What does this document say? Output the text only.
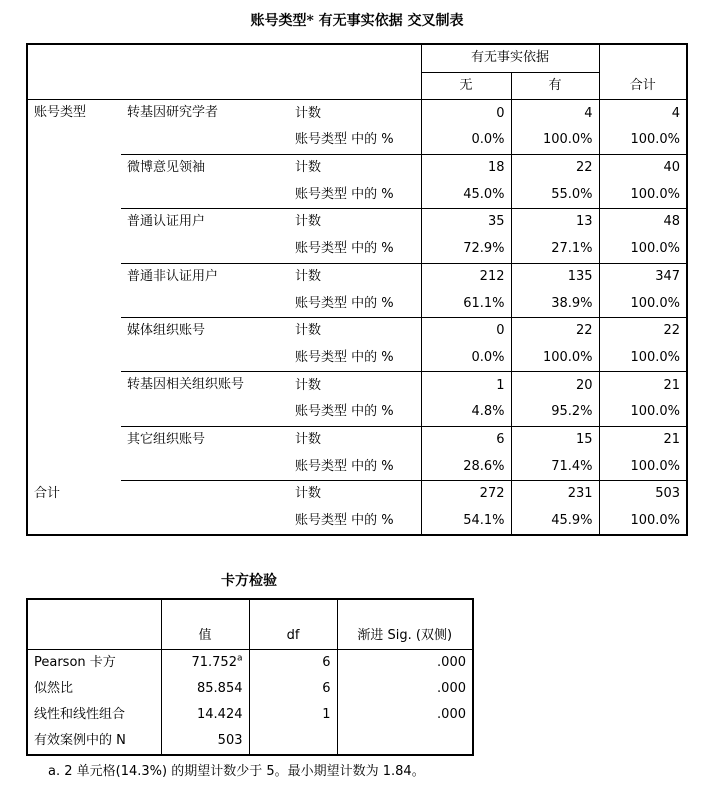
账号类型* 有无事实依据 交叉制表
			有无事实依据		合计
			无	有	
账号类型	转基因研究学者	计数	0	4	4
		账号类型 中的 %	0.0%	100.0%	100.0%
	微博意见领袖	计数	18	22	40
		账号类型 中的 %	45.0%	55.0%	100.0%
	普通认证用户	计数	35	13	48
		账号类型 中的 %	72.9%	27.1%	100.0%
	普通非认证用户	计数	212	135	347
		账号类型 中的 %	61.1%	38.9%	100.0%
	媒体组织账号	计数	0	22	22
		账号类型 中的 %	0.0%	100.0%	100.0%
	转基因相关组织账号	计数	1	20	21
		账号类型 中的 %	4.8%	95.2%	100.0%
	其它组织账号	计数	6	15	21
		账号类型 中的 %	28.6%	71.4%	100.0%
合计		计数	272	231	503
		账号类型 中的 %	54.1%	45.9%	100.0%
卡方检验
	值	df	渐进 Sig. (双侧)
Pearson 卡方	71.752$^a$	6	.000
似然比	85.854	6	.000
线性和线性组合	14.424	1	.000
有效案例中的 N	503		
a. 2 单元格(14.3%) 的期望计数少于 5。最小期望计数为 1.84。
